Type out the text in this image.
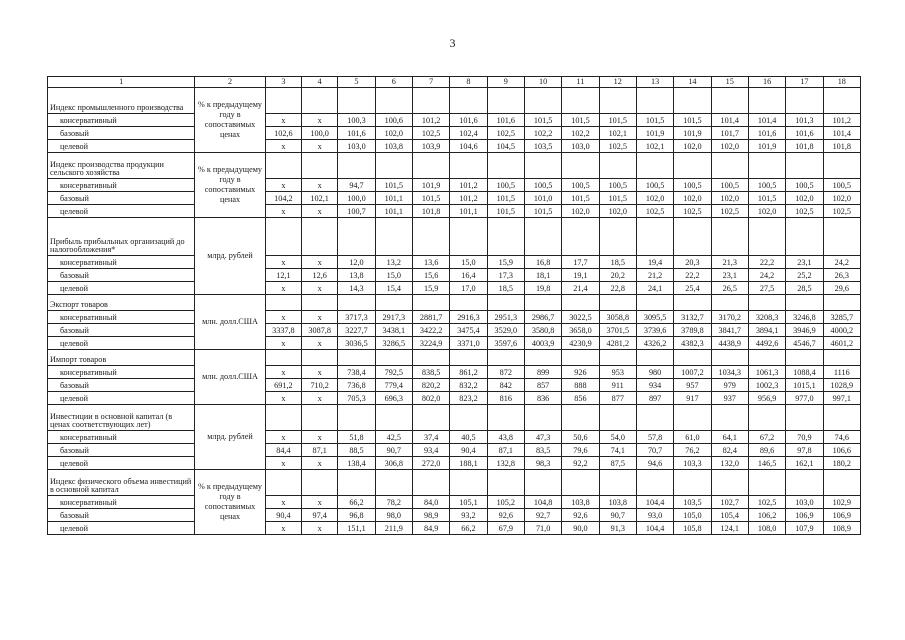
3
1	2	3	4	5	6	7	8	9	10	11	12	13	14	15	16	17	18
Индекс промышленного производства	% к предыдущему году в сопоставимых ценах																
консервативный		x	x	100,3	100,6	101,2	101,6	101,6	101,5	101,5	101,5	101,5	101,5	101,4	101,4	101,3	101,2
базовый		102,6	100,0	101,6	102,0	102,5	102,4	102,5	102,2	102,2	102,1	101,9	101,9	101,7	101,6	101,6	101,4
целевой		x	x	103,0	103,8	103,9	104,6	104,5	103,5	103,0	102,5	102,1	102,0	102,0	101,9	101,8	101,8
Индекс производства продукции сельского хозяйства	% к предыдущему году в сопоставимых ценах																
консервативный		x	x	94,7	101,5	101,9	101,2	100,5	100,5	100,5	100,5	100,5	100,5	100,5	100,5	100,5	100,5
базовый		104,2	102,1	100,0	101,1	101,5	101,2	101,5	101,0	101,5	101,5	102,0	102,0	102,0	101,5	102,0	102,0
целевой		x	x	100,7	101,1	101,8	101,1	101,5	101,5	102,0	102,0	102,5	102,5	102,5	102,0	102,5	102,5
Прибыль прибыльных организаций до налогообложения*	млрд. рублей																
консервативный		x	x	12,0	13,2	13,6	15,0	15,9	16,8	17,7	18,5	19,4	20,3	21,3	22,2	23,1	24,2
базовый		12,1	12,6	13,8	15,0	15,6	16,4	17,3	18,1	19,1	20,2	21,2	22,2	23,1	24,2	25,2	26,3
целевой		x	x	14,3	15,4	15,9	17,0	18,5	19,8	21,4	22,8	24,1	25,4	26,5	27,5	28,5	29,6
Экспорт товаров	млн. долл.США																
консервативный		x	x	3717,3	2917,3	2881,7	2916,3	2951,3	2986,7	3022,5	3058,8	3095,5	3132,7	3170,2	3208,3	3246,8	3285,7
базовый		3337,8	3087,8	3227,7	3438,1	3422,2	3475,4	3529,0	3580,8	3658,0	3701,5	3739,6	3789,8	3841,7	3894,1	3946,9	4000,2
целевой		x	x	3036,5	3286,5	3224,9	3371,0	3597,6	4003,9	4230,9	4281,2	4326,2	4382,3	4438,9	4492,6	4546,7	4601,2
Импорт товаров	млн. долл.США																
консервативный		x	x	738,4	792,5	838,5	861,2	872	899	926	953	980	1007,2	1034,3	1061,3	1088,4	1116
базовый		691,2	710,2	736,8	779,4	820,2	832,2	842	857	888	911	934	957	979	1002,3	1015,1	1028,9
целевой		x	x	705,3	696,3	802,0	823,2	816	836	856	877	897	917	937	956,9	977,0	997,1
Инвестиции в основной капитал (в ценах соответствующих лет)	млрд. рублей																
консервативный		x	x	51,8	42,5	37,4	40,5	43,8	47,3	50,6	54,0	57,8	61,0	64,1	67,2	70,9	74,6
базовый		84,4	87,1	88,5	90,7	93,4	90,4	87,1	83,5	79,6	74,1	70,7	76,2	82,4	89,6	97,8	106,6
целевой		x	x	138,4	306,8	272,0	188,1	132,8	98,3	92,2	87,5	94,6	103,3	132,0	146,5	162,1	180,2
Индекс физического объема инвестиций в основной капитал	% к предыдущему году в сопоставимых ценах																
консервативный		x	x	66,2	78,2	84,0	105,1	105,2	104,8	103,8	103,8	104,4	103,5	102,7	102,5	103,0	102,9
базовый		90,4	97,4	96,8	98,0	98,9	93,2	92,6	92,7	92,6	90,7	93,0	105,0	105,4	106,2	106,9	106,9
целевой		x	x	151,1	211,9	84,9	66,2	67,9	71,0	90,0	91,3	104,4	105,8	124,1	108,0	107,9	108,9
